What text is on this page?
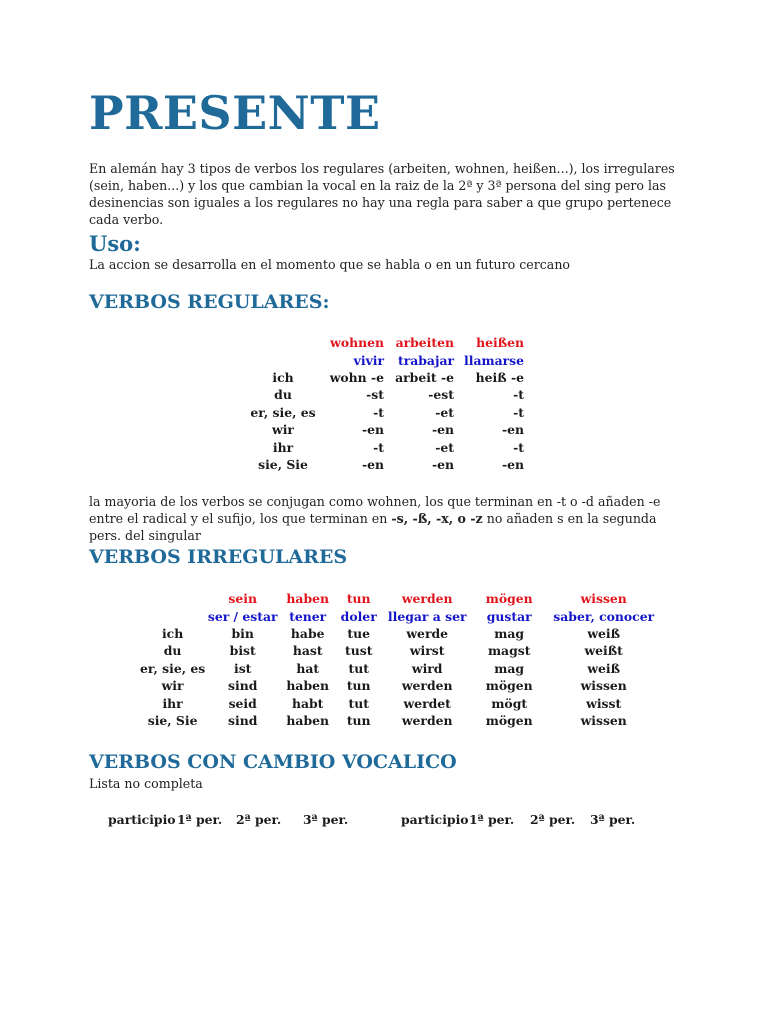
PRESENTE

En alemán hay 3 tipos de verbos los regulares (arbeiten, wohnen, heißen...), los irregulares (sein, haben...) y los que cambian la vocal en la raiz de la 2ª y 3ª persona del sing pero las desinencias son iguales a los regulares no hay una regla para saber a que grupo pertenece cada verbo.

Uso:

La accion se desarrolla en el momento que se habla o en un futuro cercano

VERBOS REGULARES:
	wohnen	arbeiten	heißen
	vivir	trabajar	llamarse
ich	wohn -e	arbeit -e	heiß -e
du	-st	-est	-t
er, sie, es	-t	-et	-t
wir	-en	-en	-en
ihr	-t	-et	-t
sie, Sie	-en	-en	-en

la mayoria de los verbos se conjugan como wohnen, los que terminan en -t o -d añaden -e entre el radical y el sufijo, los que terminan en -s, -ß, -x, o -z no añaden s en la segunda pers. del singular

VERBOS IRREGULARES
	sein	haben	tun	werden	mögen	wissen
	ser / estar	tener	doler	llegar a ser	gustar	saber, conocer
ich	bin	habe	tue	werde	mag	weiß
du	bist	hast	tust	wirst	magst	weißt
er, sie, es	ist	hat	tut	wird	mag	weiß
wir	sind	haben	tun	werden	mögen	wissen
ihr	seid	habt	tut	werdet	mögt	wisst
sie, Sie	sind	haben	tun	werden	mögen	wissen
VERBOS CON CAMBIO VOCALICO

Lista no completa

participio 1ª per. 2ª per. 3ª per.	participio 1ª per. 2ª per. 3ª per.
